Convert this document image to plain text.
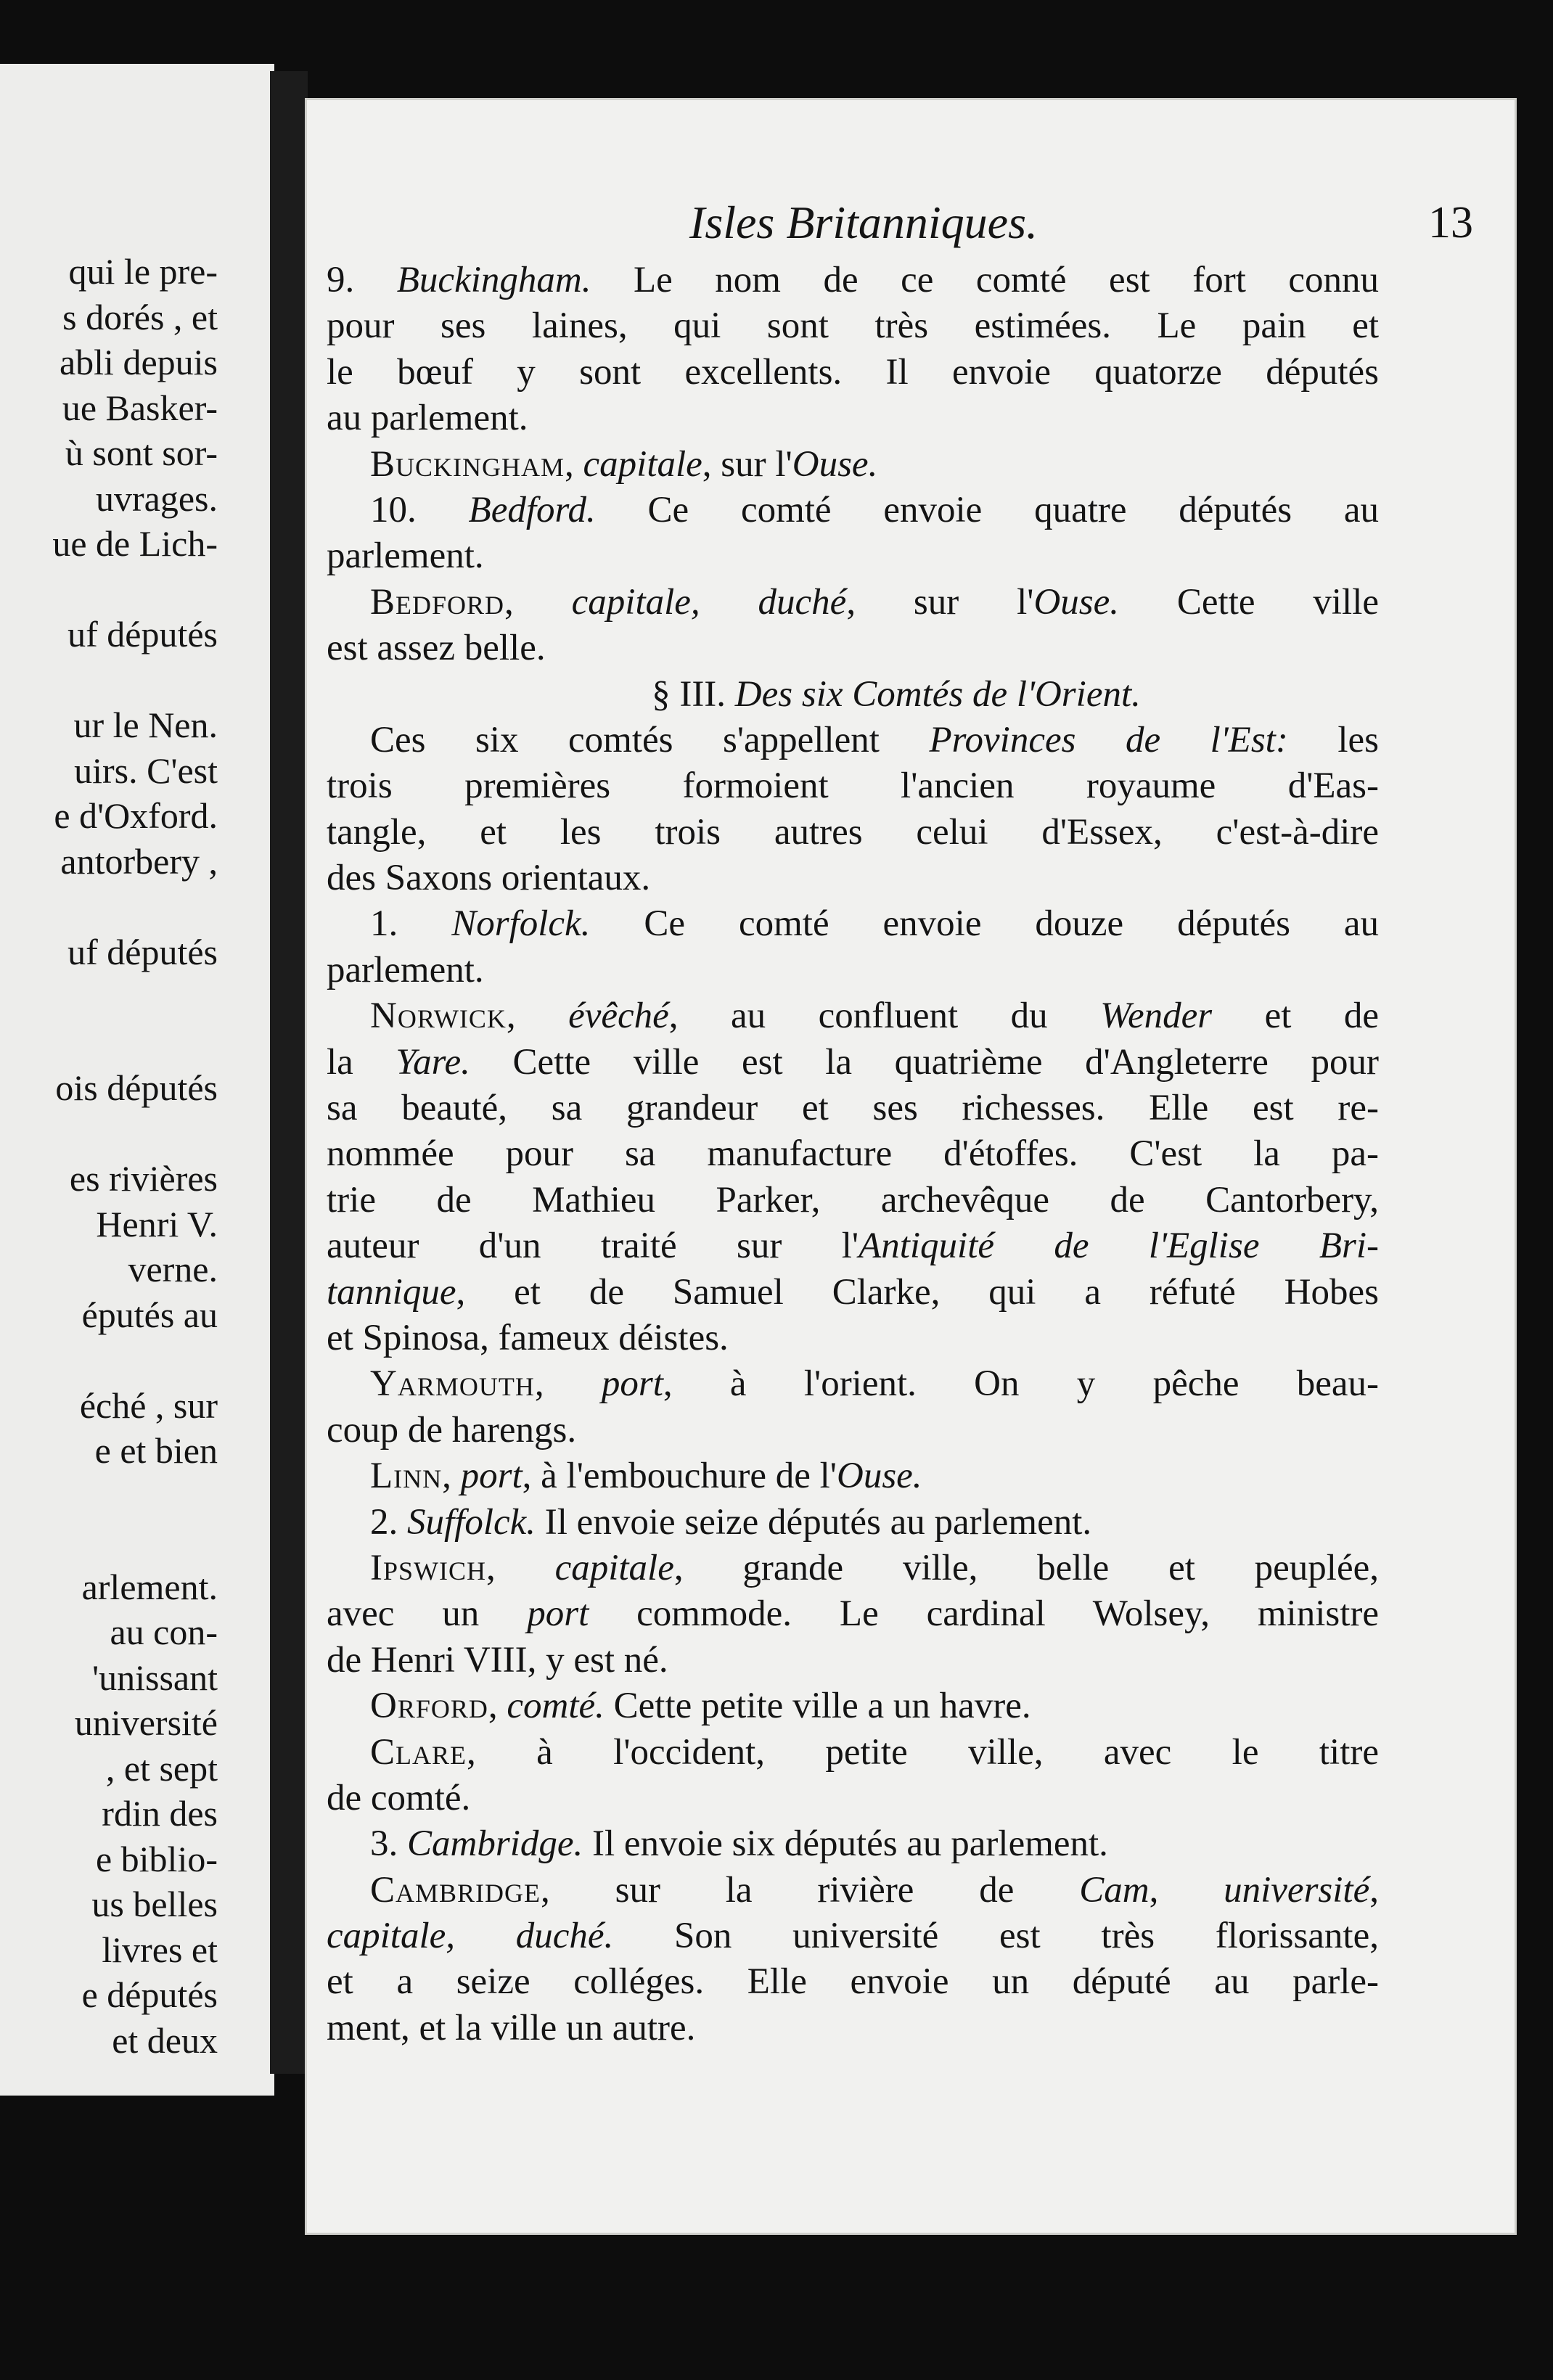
qui le pre-
s dorés , et
abli depuis
ue Basker-
ù sont sor-
uvrages.
ue de Lich-
uf députés
ur le Nen.
uirs. C'est
e d'Oxford.
antorbery ,
uf députés
ois députés
es rivières
Henri V.
verne.
éputés au
éché , sur
e et bien
arlement.
au con-
'unissant
université
, et sept
rdin des
e biblio-
us belles
livres et
e députés
et deux
Isles Britanniques.	13
9. Buckingham. Le nom de ce comté est fort connu
pour ses laines, qui sont très estimées. Le pain et
le bœuf y sont excellents. Il envoie quatorze députés
au parlement.
Buckingham, capitale, sur l'Ouse.
10. Bedford. Ce comté envoie quatre députés au
parlement.
Bedford, capitale, duché, sur l'Ouse. Cette ville
est assez belle.
§ III. Des six Comtés de l'Orient.
Ces six comtés s'appellent Provinces de l'Est: les
trois premières formoient l'ancien royaume d'Eas-
tangle, et les trois autres celui d'Essex, c'est-à-dire
des Saxons orientaux.
1. Norfolck. Ce comté envoie douze députés au
parlement.
Norwick, évêché, au confluent du Wender et de
la Yare. Cette ville est la quatrième d'Angleterre pour
sa beauté, sa grandeur et ses richesses. Elle est re-
nommée pour sa manufacture d'étoffes. C'est la pa-
trie de Mathieu Parker, archevêque de Cantorbery,
auteur d'un traité sur l'Antiquité de l'Eglise Bri-
tannique, et de Samuel Clarke, qui a réfuté Hobes
et Spinosa, fameux déistes.
Yarmouth, port, à l'orient. On y pêche beau-
coup de harengs.
Linn, port, à l'embouchure de l'Ouse.
2. Suffolck. Il envoie seize députés au parlement.
Ipswich, capitale, grande ville, belle et peuplée,
avec un port commode. Le cardinal Wolsey, ministre
de Henri VIII, y est né.
Orford, comté. Cette petite ville a un havre.
Clare, à l'occident, petite ville, avec le titre
de comté.
3. Cambridge. Il envoie six députés au parlement.
Cambridge, sur la rivière de Cam, université,
capitale, duché. Son université est très florissante,
et a seize colléges. Elle envoie un député au parle-
ment, et la ville un autre.
